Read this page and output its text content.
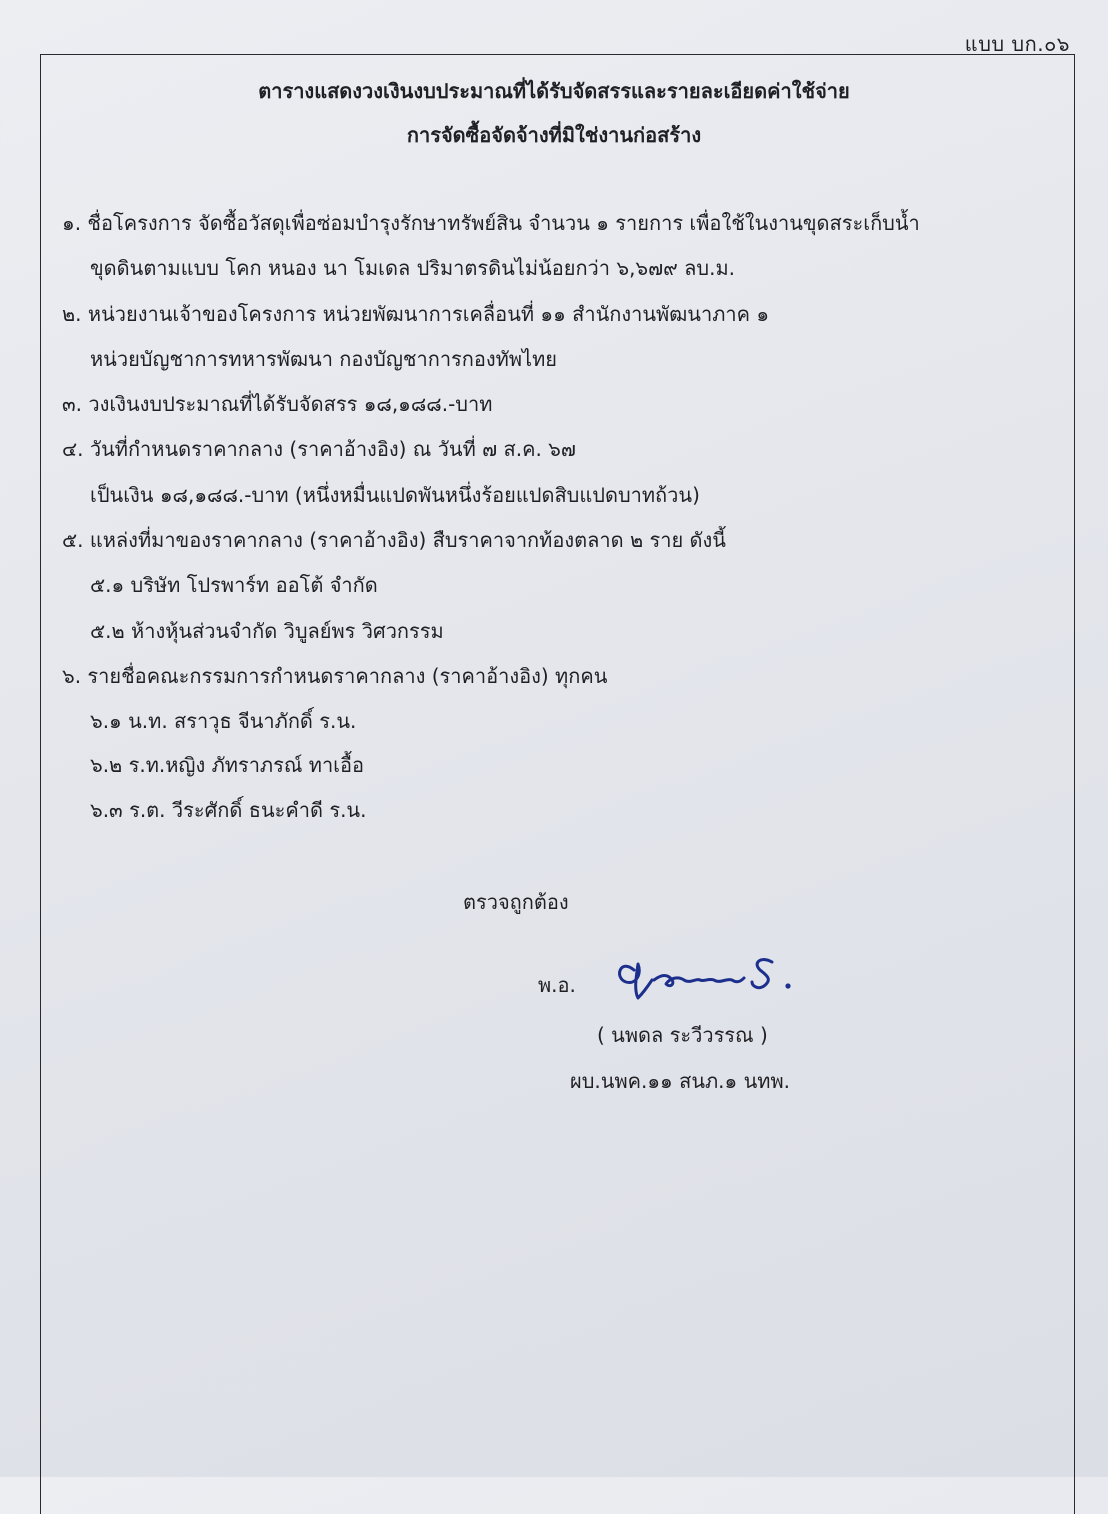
แบบ บก.๐๖
ตารางแสดงวงเงินงบประมาณที่ได้รับจัดสรรและรายละเอียดค่าใช้จ่าย
การจัดซื้อจัดจ้างที่มิใช่งานก่อสร้าง
๑. ชื่อโครงการ จัดซื้อวัสดุเพื่อซ่อมบำรุงรักษาทรัพย์สิน จำนวน ๑ รายการ เพื่อใช้ในงานขุดสระเก็บน้ำ
ขุดดินตามแบบ โคก หนอง นา โมเดล ปริมาตรดินไม่น้อยกว่า ๖,๖๗๙ ลบ.ม.
๒. หน่วยงานเจ้าของโครงการ หน่วยพัฒนาการเคลื่อนที่ ๑๑ สำนักงานพัฒนาภาค ๑
หน่วยบัญชาการทหารพัฒนา กองบัญชาการกองทัพไทย
๓. วงเงินงบประมาณที่ได้รับจัดสรร ๑๘,๑๘๘.-บาท
๔. วันที่กำหนดราคากลาง (ราคาอ้างอิง) ณ วันที่ ๗ ส.ค. ๖๗
เป็นเงิน ๑๘,๑๘๘.-บาท (หนึ่งหมื่นแปดพันหนึ่งร้อยแปดสิบแปดบาทถ้วน)
๕. แหล่งที่มาของราคากลาง (ราคาอ้างอิง) สืบราคาจากท้องตลาด ๒ ราย ดังนี้
๕.๑ บริษัท โปรพาร์ท ออโต้ จำกัด
๕.๒ ห้างหุ้นส่วนจำกัด วิบูลย์พร วิศวกรรม
๖. รายชื่อคณะกรรมการกำหนดราคากลาง (ราคาอ้างอิง) ทุกคน
๖.๑ น.ท. สราวุธ จีนาภักดิ์ ร.น.
๖.๒ ร.ท.หญิง ภัทราภรณ์ ทาเอื้อ
๖.๓ ร.ต. วีระศักดิ์ ธนะคำดี ร.น.
ตรวจถูกต้อง
พ.อ.
( นพดล ระวีวรรณ )
ผบ.นพค.๑๑ สนภ.๑ นทพ.
